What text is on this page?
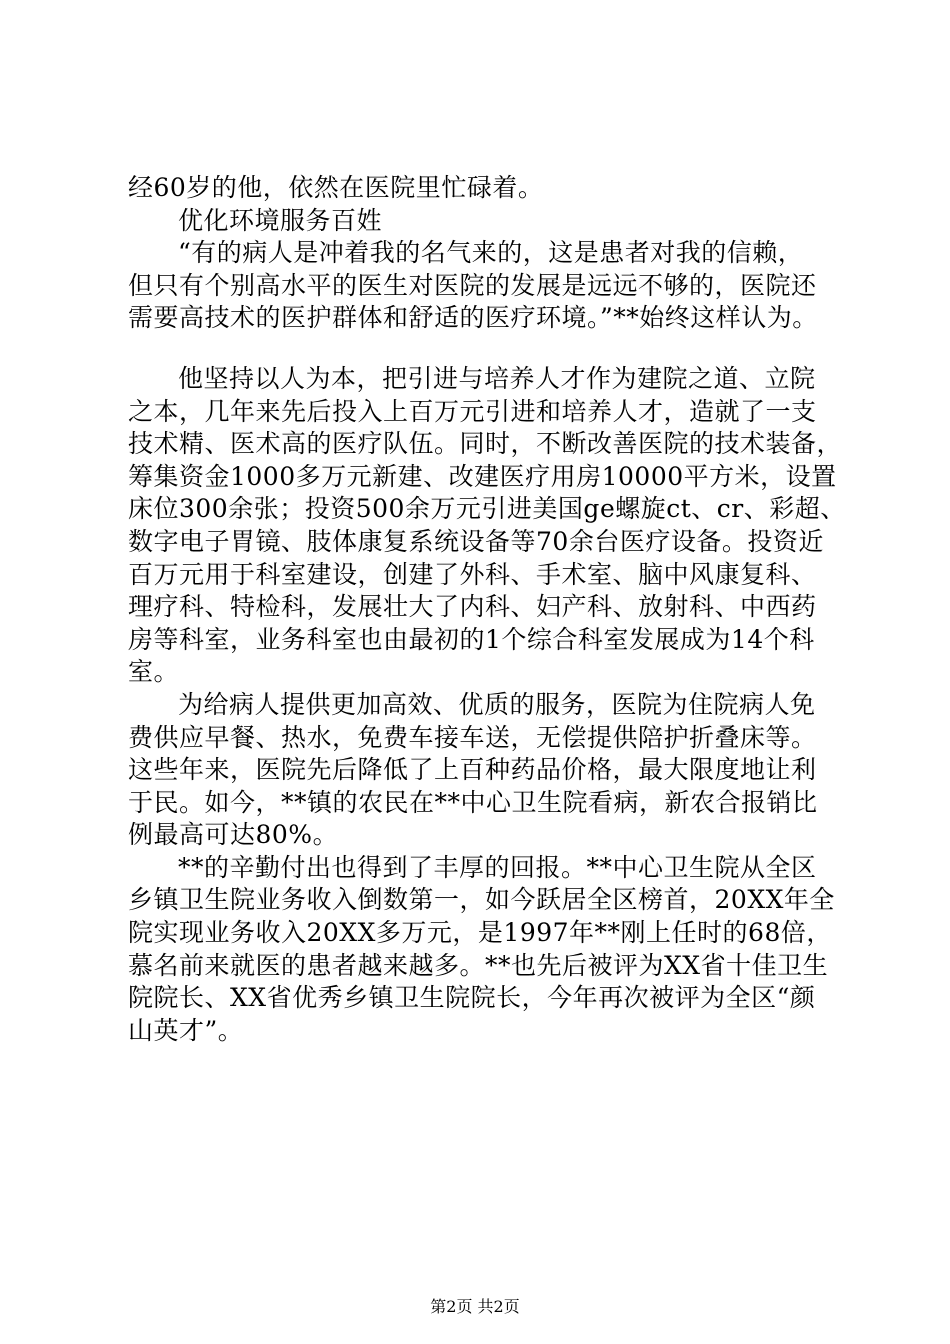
经60岁的他，依然在医院里忙碌着。
优化环境服务百姓
“有的病人是冲着我的名气来的，这是患者对我的信赖，
但只有个别高水平的医生对医院的发展是远远不够的，医院还
需要高技术的医护群体和舒适的医疗环境。”**始终这样认为。
他坚持以人为本，把引进与培养人才作为建院之道、立院
之本，几年来先后投入上百万元引进和培养人才，造就了一支
技术精、医术高的医疗队伍。同时，不断改善医院的技术装备，
筹集资金1000多万元新建、改建医疗用房10000平方米，设置
床位300余张；投资500余万元引进美国ge螺旋ct、cr、彩超、
数字电子胃镜、肢体康复系统设备等70余台医疗设备。投资近
百万元用于科室建设，创建了外科、手术室、脑中风康复科、
理疗科、特检科，发展壮大了内科、妇产科、放射科、中西药
房等科室，业务科室也由最初的1个综合科室发展成为14个科
室。
为给病人提供更加高效、优质的服务，医院为住院病人免
费供应早餐、热水，免费车接车送，无偿提供陪护折叠床等。
这些年来，医院先后降低了上百种药品价格，最大限度地让利
于民。如今，**镇的农民在**中心卫生院看病，新农合报销比
例最高可达80%。
**的辛勤付出也得到了丰厚的回报。**中心卫生院从全区
乡镇卫生院业务收入倒数第一，如今跃居全区榜首，20XX年全
院实现业务收入20XX多万元，是1997年**刚上任时的68倍，
慕名前来就医的患者越来越多。**也先后被评为XX省十佳卫生
院院长、XX省优秀乡镇卫生院院长，今年再次被评为全区“颜
山英才”。
第2页 共2页
